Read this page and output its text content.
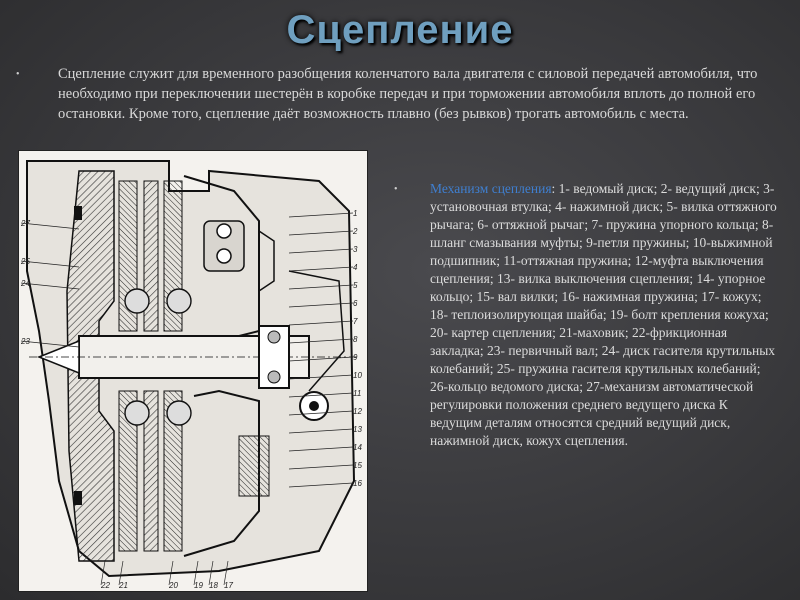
Сцепление
•	Сцепление служит для временного разобщения коленчатого вала двигателя с силовой передачей автомобиля, что необходимо при переключении шестерён в коробке передач и при торможении автомобиля вплоть до полной его остановки. Кроме того, сцепление даёт возможность плавно (без рывков) трогать автомобиль с места.
27
25
24
23
1
2
3
4
5
6
7
8
9
10
11
12
13
14
15
16
22 21	20 19 18 17
• Механизм сцепления: 1- ведомый диск; 2- ведущий диск; 3- установочная втулка; 4- нажимной диск; 5- вилка оттяжного рычага; 6- оттяжной рычаг; 7- пружина упорного кольца; 8-шланг смазывания муфты; 9-петля пружины; 10-выжимной подшипник; 11-оттяжная пружина; 12-муфта выключения сцепления; 13- вилка выключения сцепления; 14- упорное кольцо; 15- вал вилки; 16- нажимная пружина; 17- кожух; 18- теплоизолирующая шайба; 19- болт крепления кожуха; 20- картер сцепления; 21-маховик; 22-фрикционная закладка; 23- первичный вал; 24- диск гасителя крутильных колебаний; 25- пружина гасителя крутильных колебаний; 26-кольцо ведомого диска; 27-механизм автоматической регулировки положения среднего ведущего диска К ведущим деталям относятся средний ведущий диск, нажимной диск, кожух сцепления.
